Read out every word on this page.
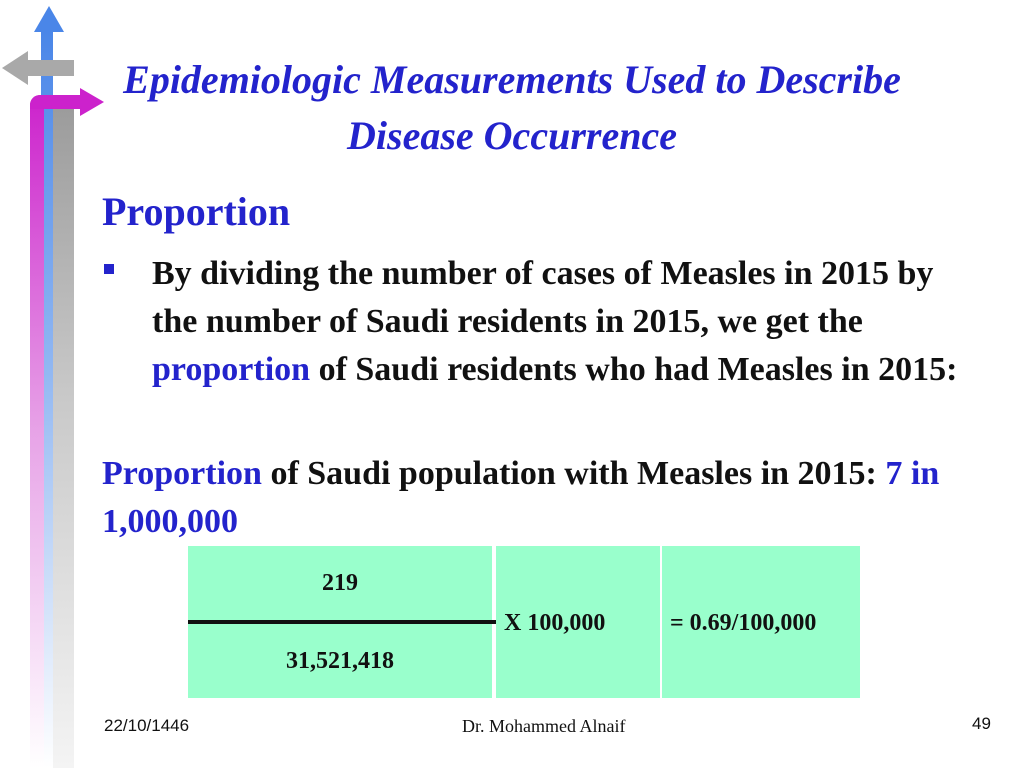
Epidemiologic Measurements Used to Describe Disease Occurrence
Proportion

By dividing the number of cases of Measles in 2015 by the number of Saudi residents in 2015, we get the proportion of Saudi residents who had Measles in 2015:

Proportion of Saudi population with Measles in 2015: 7 in 1,000,000

219
31,521,418
X 100,000	= 0.69/100,000
22/10/1446	Dr. Mohammed Alnaif	49
